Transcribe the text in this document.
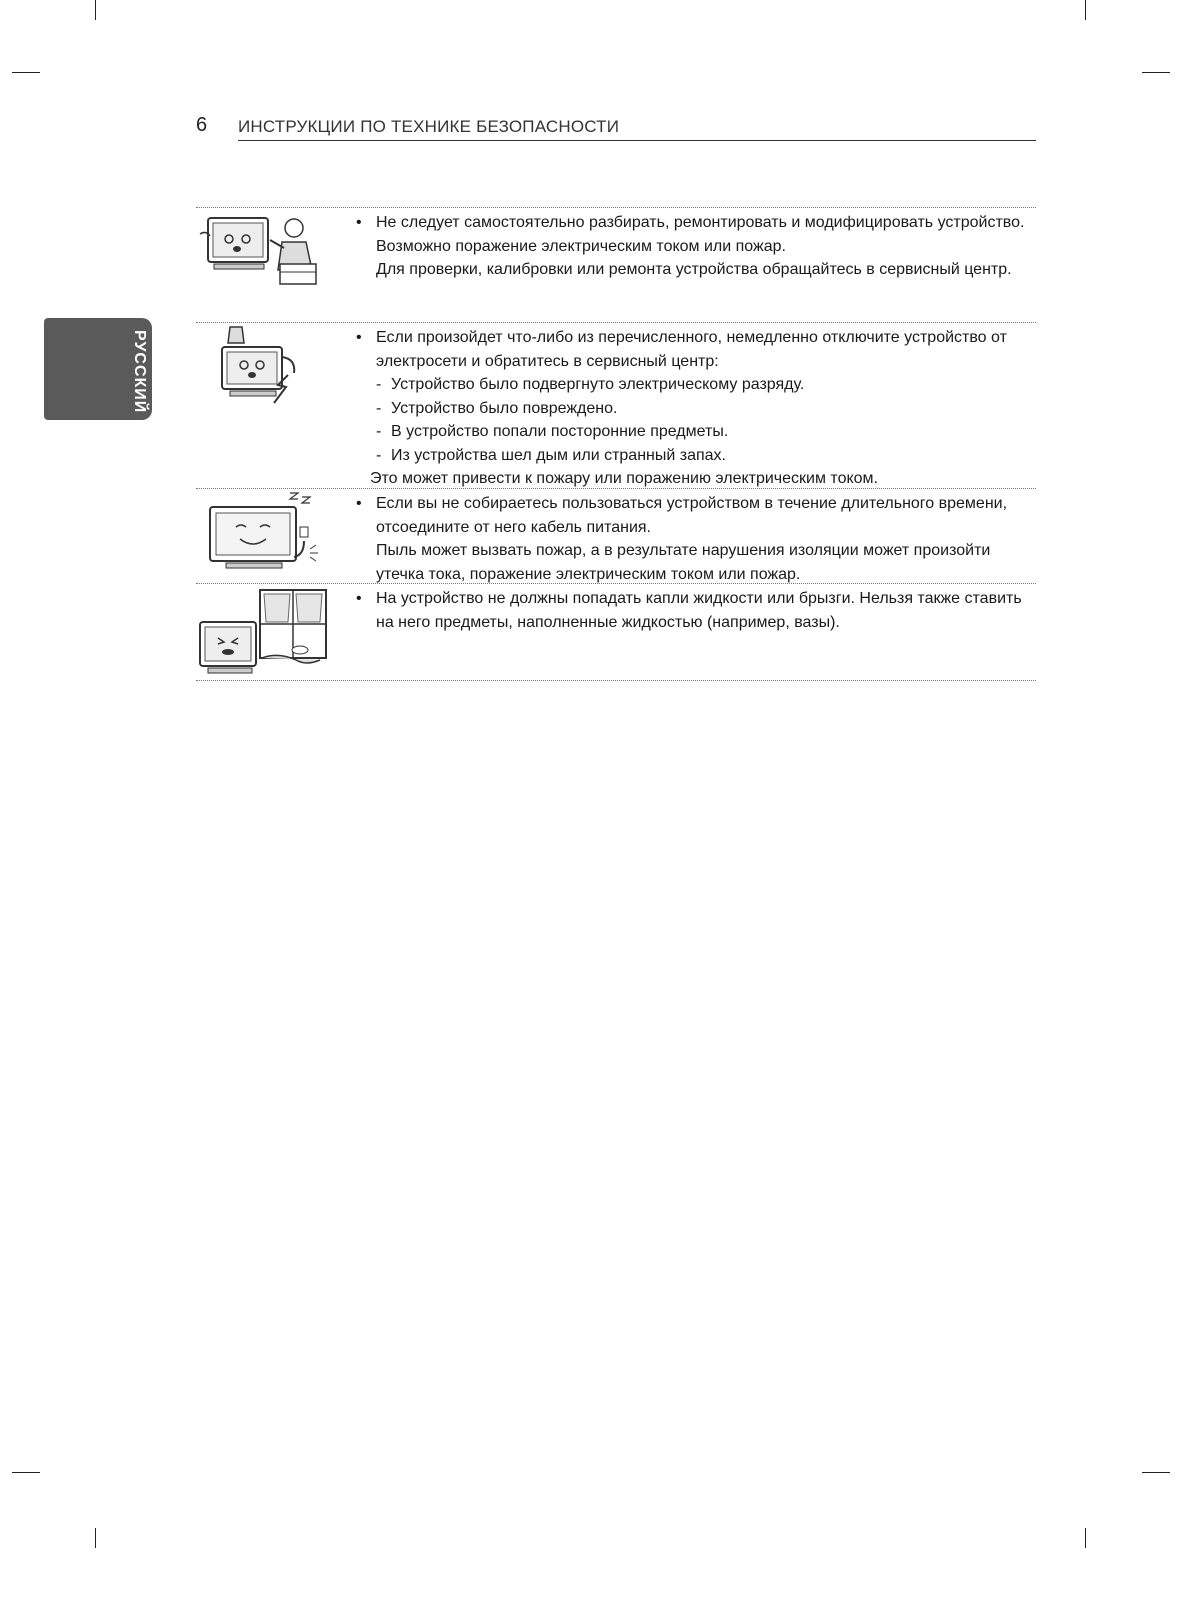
6 ИНСТРУКЦИИ ПО ТЕХНИКЕ БЕЗОПАСНОСТИ
РУССКИЙ
• Не следует самостоятельно разбирать, ремонтировать и модифицировать устройство.
Возможно поражение электрическим током или пожар.
Для проверки, калибровки или ремонта устройства обращайтесь в сервисный центр.
• Если произойдет что-либо из перечисленного, немедленно отключите устройство от электросети и обратитесь в сервисный центр:
- Устройство было подвергнуто электрическому разряду.
- Устройство было повреждено.
- В устройство попали посторонние предметы.
- Из устройства шел дым или странный запах.
Это может привести к пожару или поражению электрическим током.
• Если вы не собираетесь пользоваться устройством в течение длительного времени, отсоедините от него кабель питания.
Пыль может вызвать пожар, а в результате нарушения изоляции может произойти утечка тока, поражение электрическим током или пожар.
• На устройство не должны попадать капли жидкости или брызги. Нельзя также ставить на него предметы, наполненные жидкостью (например, вазы).
